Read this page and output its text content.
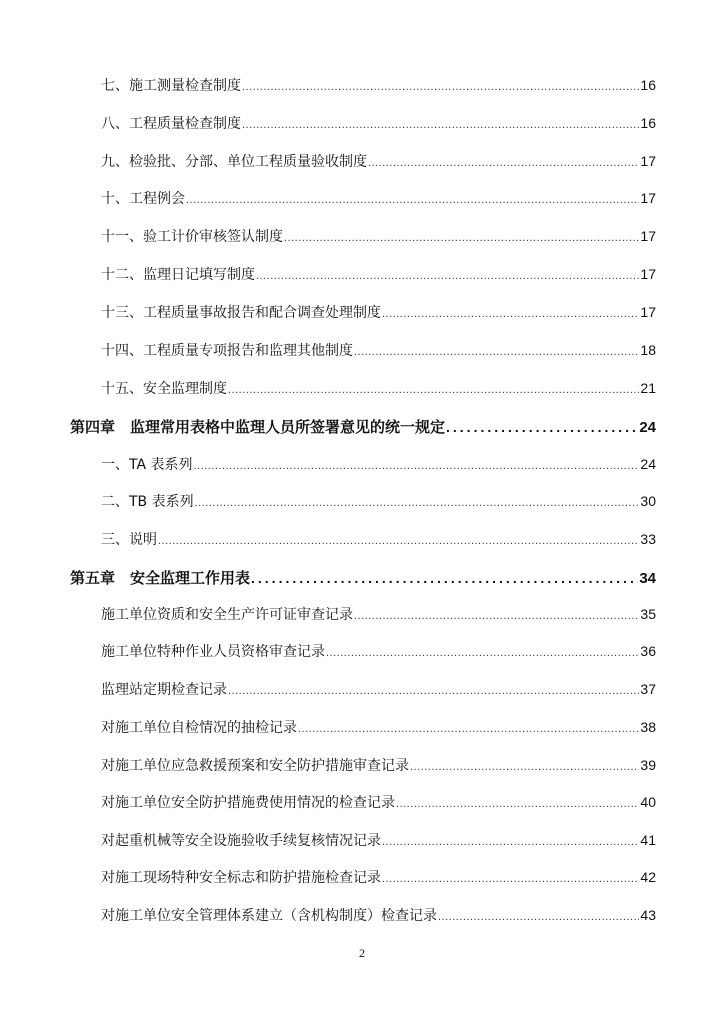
七、施工测量检查制度 .....	16
八、工程质量检查制度 .....	16
九、检验批、分部、单位工程质量验收制度 .....	17
十、工程例会 .....	17
十一、验工计价审核签认制度 .....	17
十二、监理日记填写制度 .....	17
十三、工程质量事故报告和配合调查处理制度 .....	17
十四、工程质量专项报告和监理其他制度 .....	18
十五、安全监理制度 .....	21
第四章　监理常用表格中监理人员所签署意见的统一规定 .....	24
一、TA 表系列 .....	24
二、TB 表系列 .....	30
三、说明 .....	33
第五章　安全监理工作用表 .....	34
施工单位资质和安全生产许可证审查记录 .....	35
施工单位特种作业人员资格审查记录 .....	36
监理站定期检查记录 .....	37
对施工单位自检情况的抽检记录 .....	38
对施工单位应急救援预案和安全防护措施审查记录 .....	39
对施工单位安全防护措施费使用情况的检查记录 .....	40
对起重机械等安全设施验收手续复核情况记录 .....	41
对施工现场特种安全标志和防护措施检查记录 .....	42
对施工单位安全管理体系建立（含机构制度）检查记录 .....	43
2
